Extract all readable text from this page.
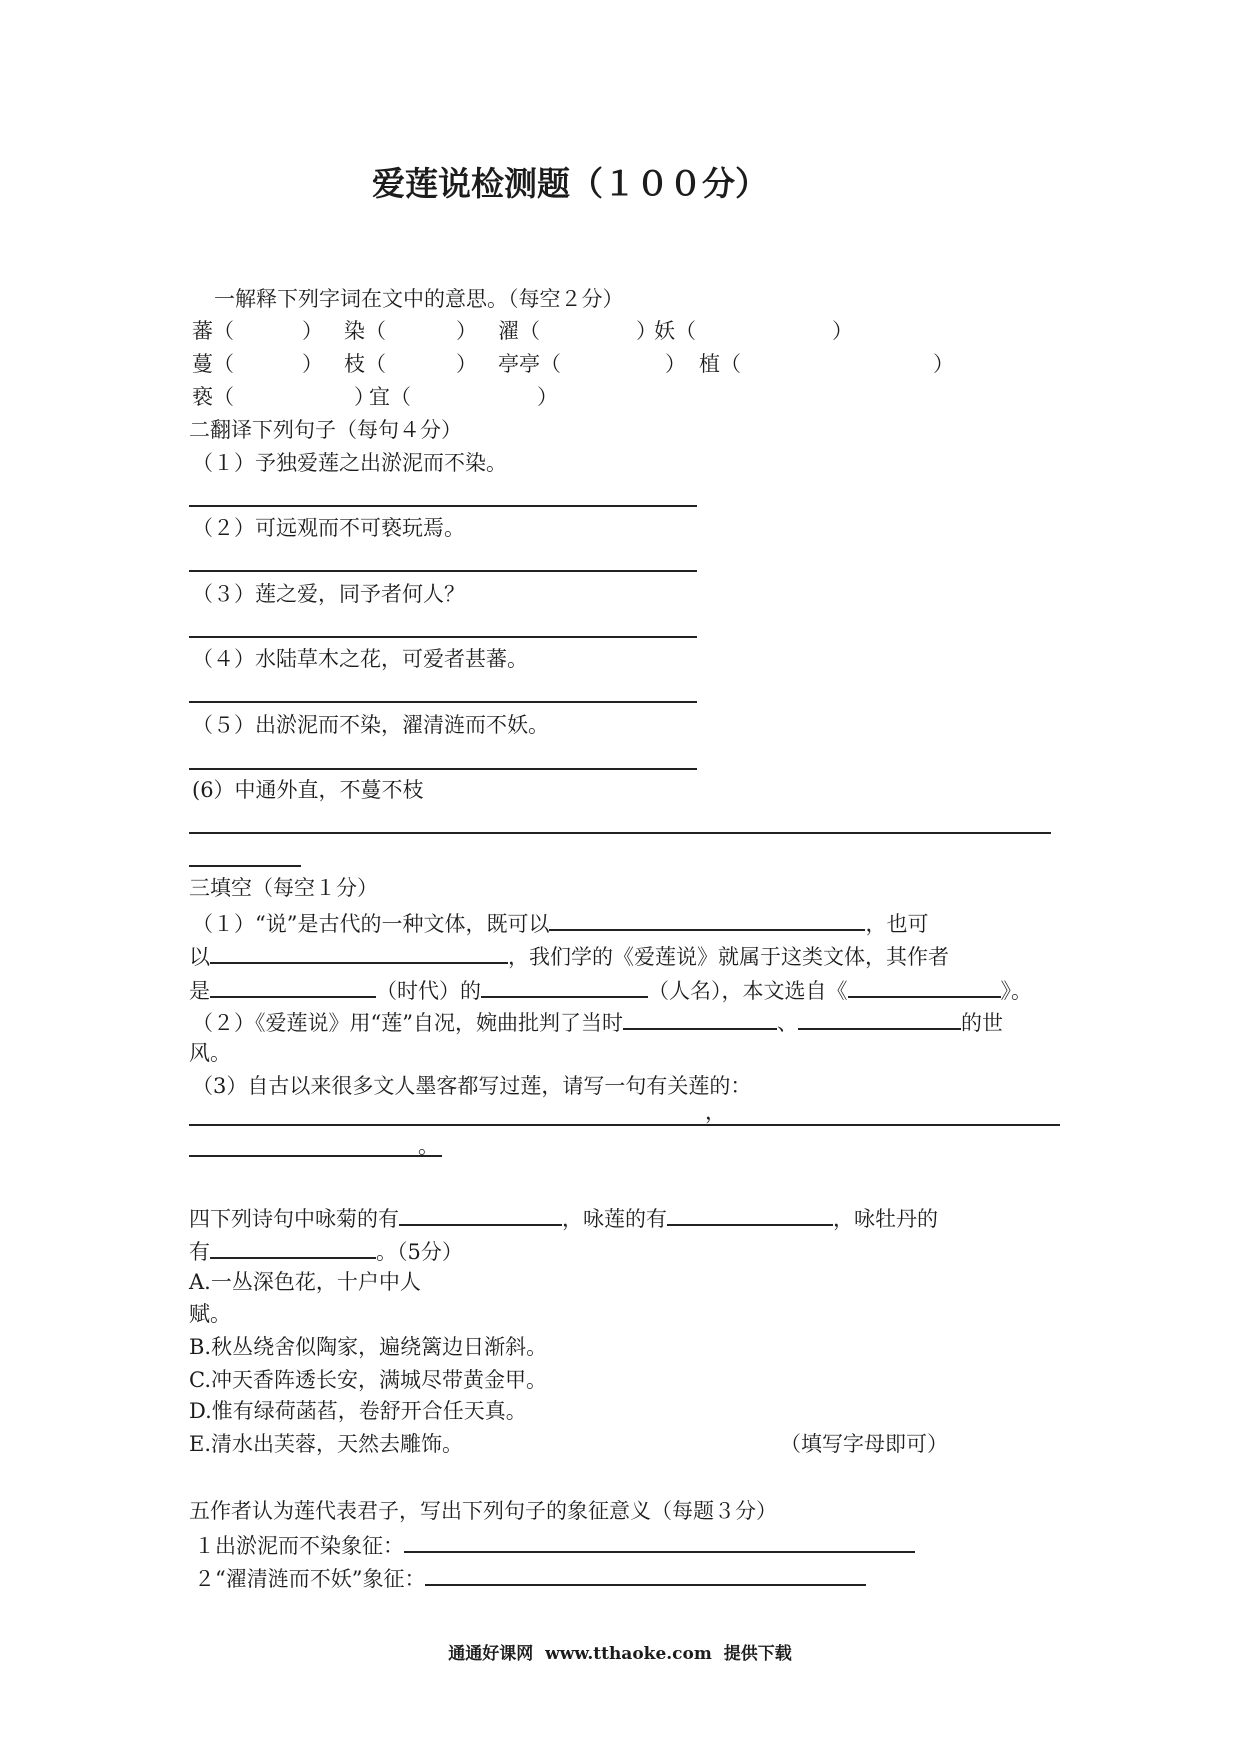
爱莲说检测题（１００分）
一解释下列字词在文中的意思。（每空２分）
蕃（	） 染（	） 濯（	）
妖（	）
蔓（	） 枝（	） 亭亭（	） 植（	）
亵（	）
宜（	）
二翻译下列句子（每句４分）
（１）予独爱莲之出淤泥而不染。
（２）可远观而不可亵玩焉。
（３）莲之爱，同予者何人？
（４）水陆草木之花，可爱者甚蕃。
（５）出淤泥而不染，濯清涟而不妖。
(6）中通外直，不蔓不枝
三填空（每空１分）
（１）“说”是古代的一种文体，既可以	，也可
以	，我们学的《爱莲说》就属于这类文体，其作者
是	（时代）的	（人名），本文选自《	》。
（２）《爱莲说》用“莲”自况，婉曲批判了当时	、	的世
风。
（3）自古以来很多文人墨客都写过莲，请写一句有关莲的：
，
。
四下列诗句中咏菊的有	，咏莲的有	，咏牡丹的
有	。（5分）
A.一丛深色花，十户中人
赋。
B.秋丛绕舍似陶家，遍绕篱边日渐斜。
C.冲天香阵透长安，满城尽带黄金甲。
D.惟有绿荷菡萏，卷舒开合任天真。
E.清水出芙蓉，天然去雕饰。	（填写字母即可）
五作者认为莲代表君子，写出下列句子的象征意义（每题３分）
１出淤泥而不染象征：
２“濯清涟而不妖”象征：
通通好课网  www.tthaoke.com  提供下载
